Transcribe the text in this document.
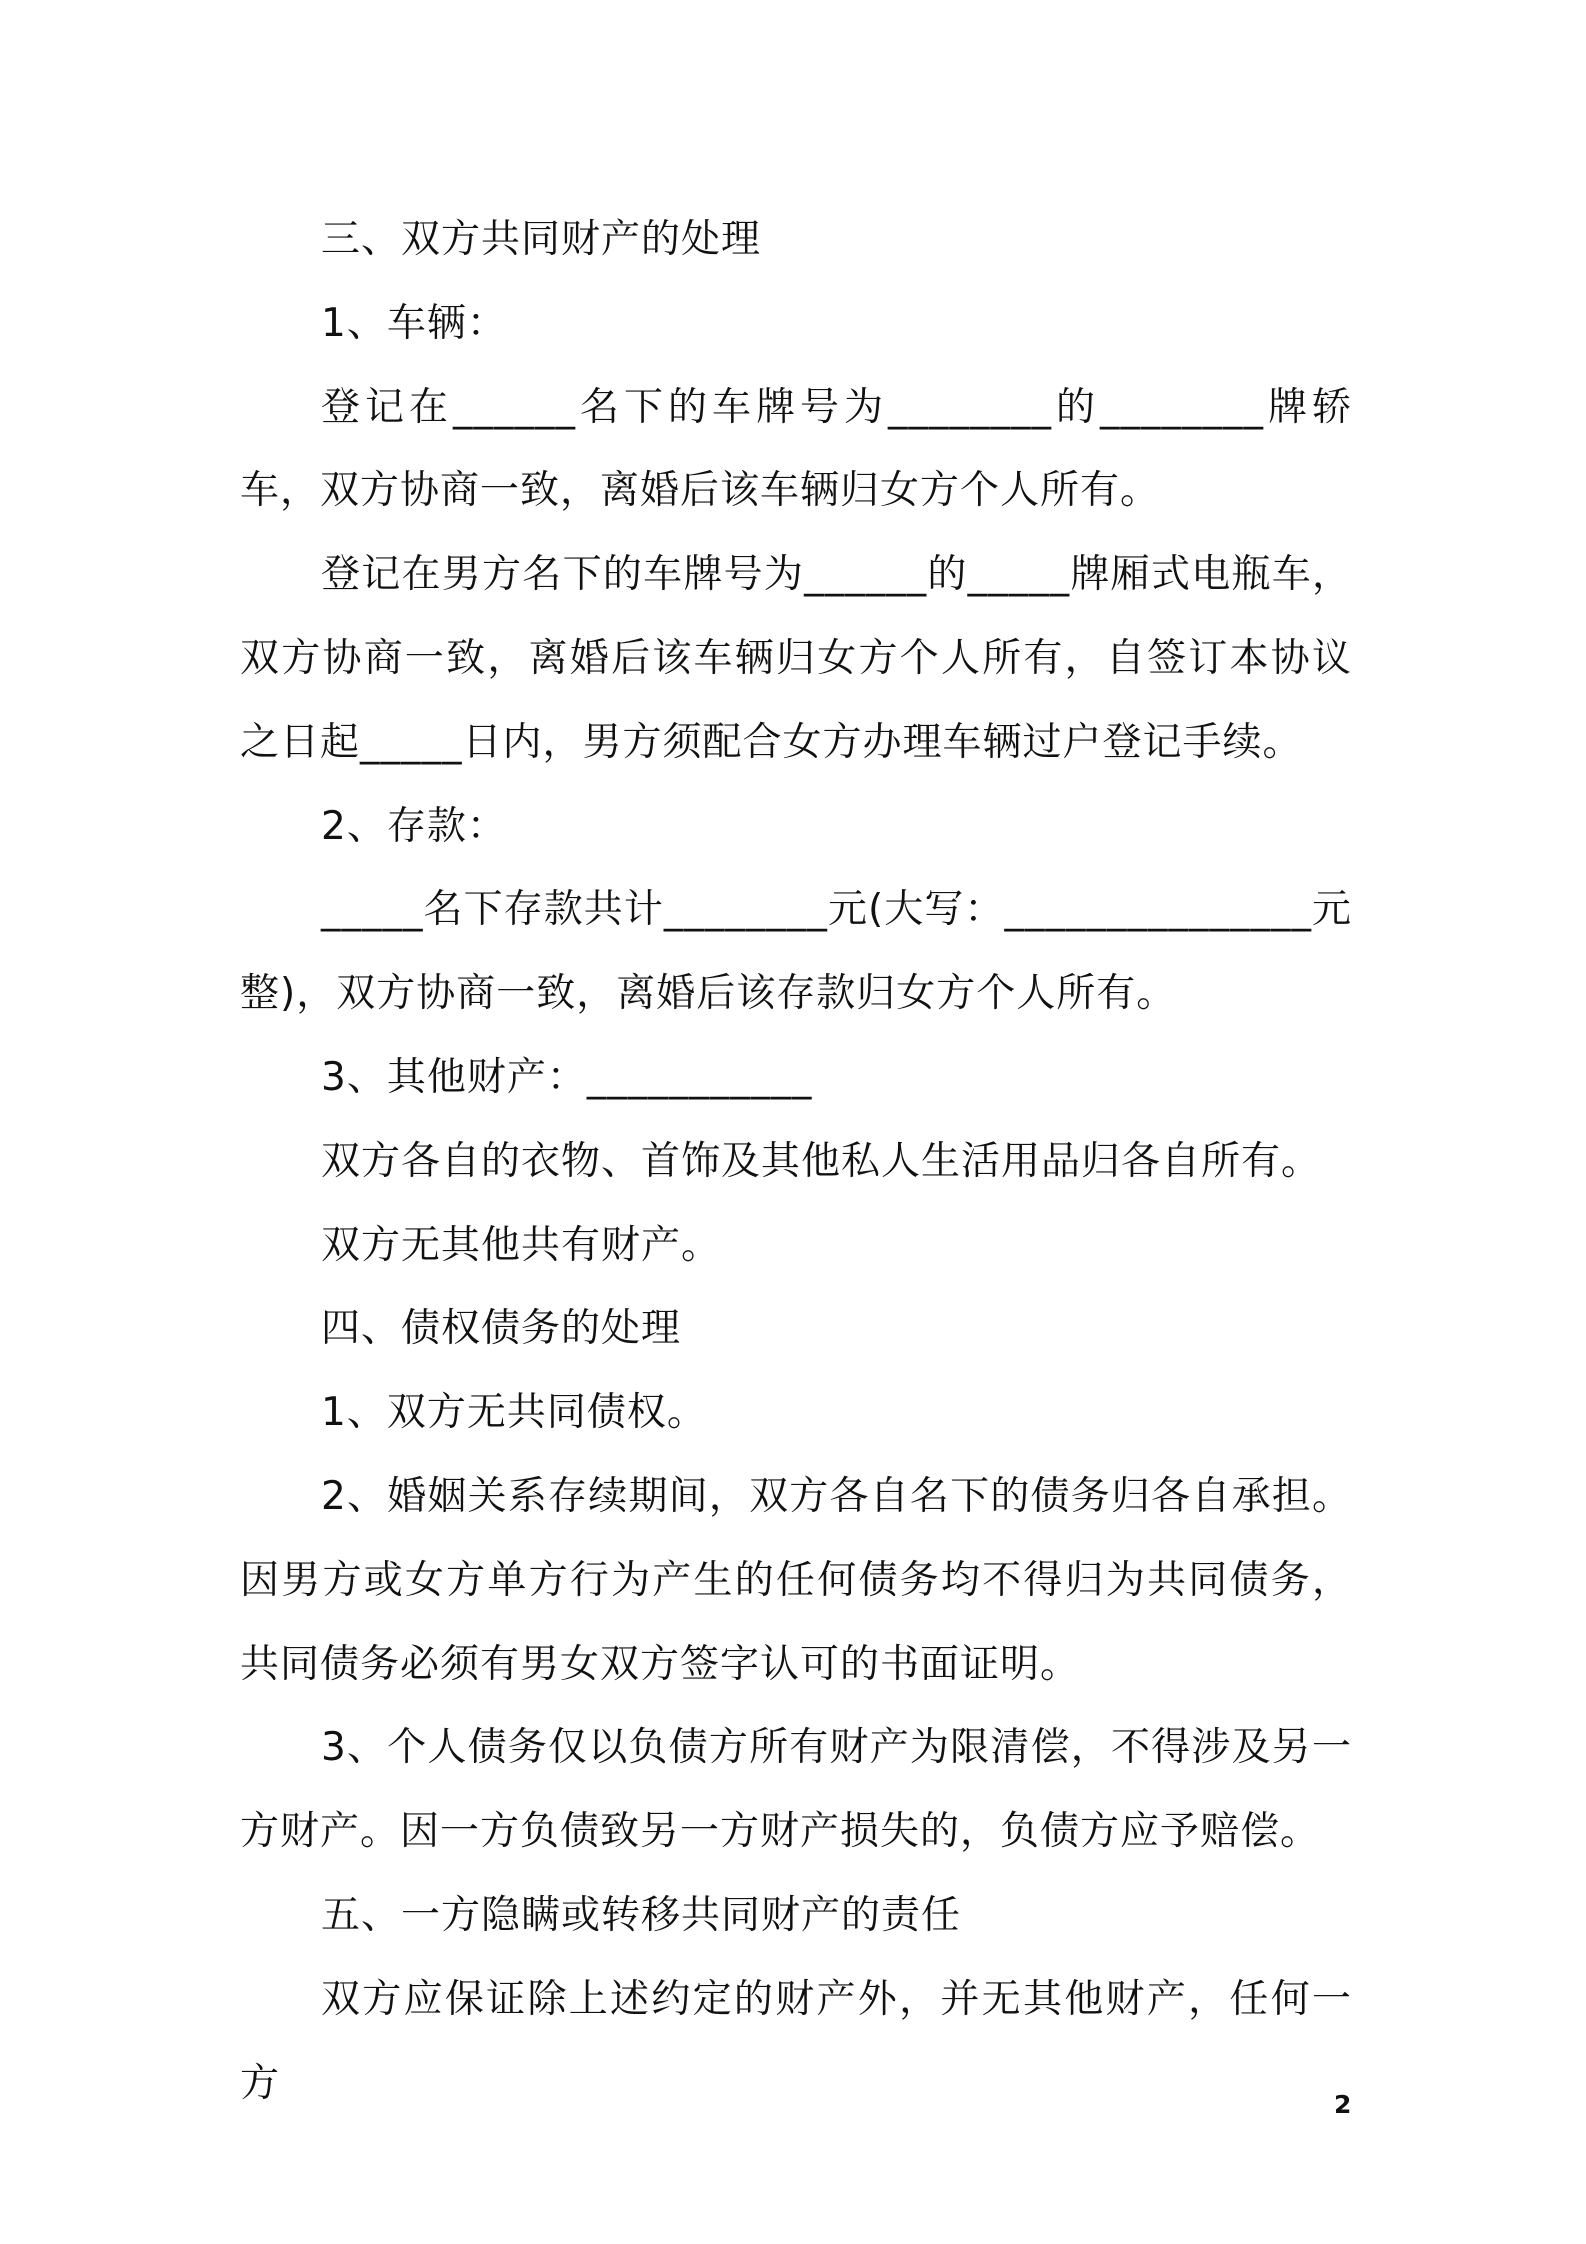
三、双方共同财产的处理

1、车辆：

登记在______名下的车牌号为________的________牌轿车，双方协商一致，离婚后该车辆归女方个人所有。

登记在男方名下的车牌号为______的_____牌厢式电瓶车，双方协商一致，离婚后该车辆归女方个人所有，自签订本协议之日起_____日内，男方须配合女方办理车辆过户登记手续。

2、存款：

_____名下存款共计________元(大写：_______________元整)，双方协商一致，离婚后该存款归女方个人所有。

3、其他财产：___________

双方各自的衣物、首饰及其他私人生活用品归各自所有。

双方无其他共有财产。

四、债权债务的处理

1、双方无共同债权。

2、婚姻关系存续期间，双方各自名下的债务归各自承担。因男方或女方单方行为产生的任何债务均不得归为共同债务，共同债务必须有男女双方签字认可的书面证明。

3、个人债务仅以负债方所有财产为限清偿，不得涉及另一方财产。因一方负债致另一方财产损失的，负债方应予赔偿。

五、一方隐瞒或转移共同财产的责任

双方应保证除上述约定的财产外，并无其他财产，任何一方	2
